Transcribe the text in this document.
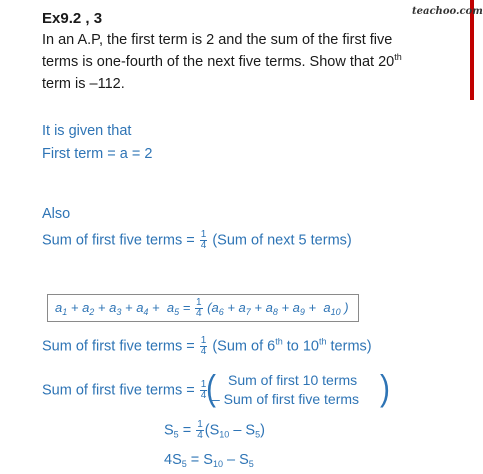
teachoo.com
Ex9.2 , 3
In an A.P, the first term is 2 and the sum of the first five
terms is one-fourth of the next five terms. Show that 20th
term is –112.
It is given that
First term = a = 2
Also
Sum of first five terms = $\frac{1}{4} (Sum$ of next 5 terms)
$a_1 + a_2 + a_3 + a_4 + a_5 = \frac{1}{4} (a_6 + a_7 + a_8 + a_9 + a_{10}$ )
Sum of first five terms = $\frac{1}{4} (Sum$ of 6th to 10th terms)
Sum of first five terms = $\frac{1}{4}$
( Sum of first 10 terms
– Sum of first five terms )
$S_5 = \frac{1}{4} (S_{10} - S_5)$
$4S_5 = S_{10} - S_5$
